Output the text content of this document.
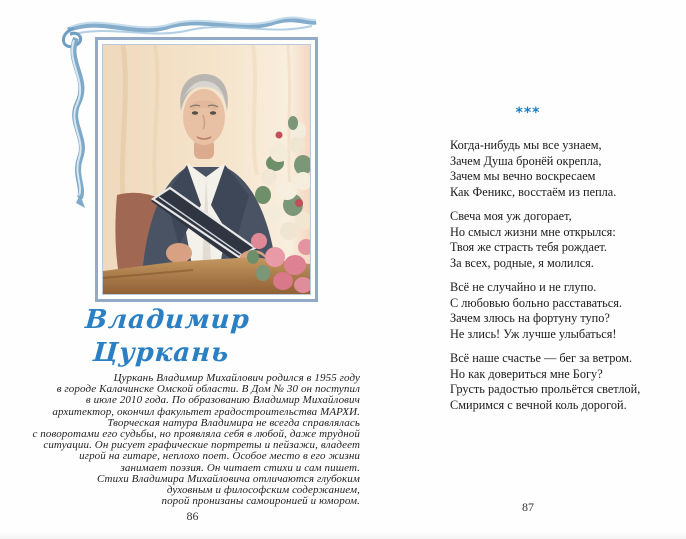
Владимир
Цуркань
Цуркань Владимир Михайлович родился в 1955 году
в городе Калачинске Омской области. В Дом № 30 он поступил
в июле 2010 года. По образованию Владимир Михайлович
архитектор, окончил факультет градостроительства МАРХИ.
Творческая натура Владимира не всегда справлялась
с поворотами его судьбы, но проявляла себя в любой, даже трудной
ситуации. Он рисует графические портреты и пейзажи, владеет
игрой на гитаре, неплохо поет. Особое место в его жизни
занимает поэзия. Он читает стихи и сам пишет.
Стихи Владимира Михайловича отличаются глубоким
духовным и философским содержанием,
порой пронизаны самоиронией и юмором.
86
***
Когда-нибудь мы все узнаем,
Зачем Душа бронёй окрепла,
Зачем мы вечно воскресаем
Как Феникс, восстаём из пепла.
Свеча моя уж догорает,
Но смысл жизни мне открылся:
Твоя же страсть тебя рождает.
За всех, родные, я молился.
Всё не случайно и не глупо.
С любовью больно расставаться.
Зачем злюсь на фортуну тупо?
Не злись! Уж лучше улыбаться!
Всё наше счастье — бег за ветром.
Но как довериться мне Богу?
Грусть радостью прольётся светлой,
Смиримся с вечной коль дорогой.
87
